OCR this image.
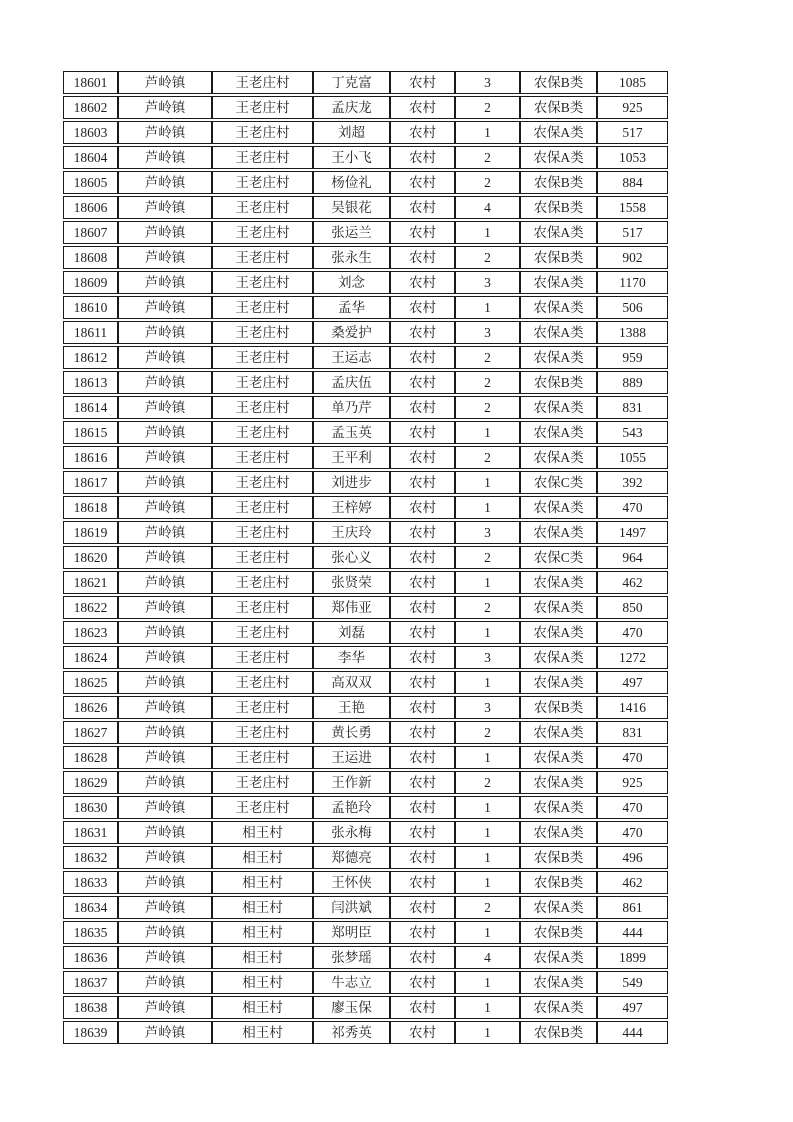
18601	芦岭镇	王老庄村	丁克富	农村	3	农保B类	1085
18602	芦岭镇	王老庄村	孟庆龙	农村	2	农保B类	925
18603	芦岭镇	王老庄村	刘超	农村	1	农保A类	517
18604	芦岭镇	王老庄村	王小飞	农村	2	农保A类	1053
18605	芦岭镇	王老庄村	杨俭礼	农村	2	农保B类	884
18606	芦岭镇	王老庄村	吴银花	农村	4	农保B类	1558
18607	芦岭镇	王老庄村	张运兰	农村	1	农保A类	517
18608	芦岭镇	王老庄村	张永生	农村	2	农保B类	902
18609	芦岭镇	王老庄村	刘念	农村	3	农保A类	1170
18610	芦岭镇	王老庄村	孟华	农村	1	农保A类	506
18611	芦岭镇	王老庄村	桑爱护	农村	3	农保A类	1388
18612	芦岭镇	王老庄村	王运志	农村	2	农保A类	959
18613	芦岭镇	王老庄村	孟庆伍	农村	2	农保B类	889
18614	芦岭镇	王老庄村	单乃芹	农村	2	农保A类	831
18615	芦岭镇	王老庄村	孟玉英	农村	1	农保A类	543
18616	芦岭镇	王老庄村	王平利	农村	2	农保A类	1055
18617	芦岭镇	王老庄村	刘进步	农村	1	农保C类	392
18618	芦岭镇	王老庄村	王梓婷	农村	1	农保A类	470
18619	芦岭镇	王老庄村	王庆玲	农村	3	农保A类	1497
18620	芦岭镇	王老庄村	张心义	农村	2	农保C类	964
18621	芦岭镇	王老庄村	张贤荣	农村	1	农保A类	462
18622	芦岭镇	王老庄村	郑伟亚	农村	2	农保A类	850
18623	芦岭镇	王老庄村	刘磊	农村	1	农保A类	470
18624	芦岭镇	王老庄村	李华	农村	3	农保A类	1272
18625	芦岭镇	王老庄村	高双双	农村	1	农保A类	497
18626	芦岭镇	王老庄村	王艳	农村	3	农保B类	1416
18627	芦岭镇	王老庄村	黄长勇	农村	2	农保A类	831
18628	芦岭镇	王老庄村	王运进	农村	1	农保A类	470
18629	芦岭镇	王老庄村	王作新	农村	2	农保A类	925
18630	芦岭镇	王老庄村	孟艳玲	农村	1	农保A类	470
18631	芦岭镇	相王村	张永梅	农村	1	农保A类	470
18632	芦岭镇	相王村	郑德亮	农村	1	农保B类	496
18633	芦岭镇	相王村	王怀侠	农村	1	农保B类	462
18634	芦岭镇	相王村	闫洪斌	农村	2	农保A类	861
18635	芦岭镇	相王村	郑明臣	农村	1	农保B类	444
18636	芦岭镇	相王村	张梦瑶	农村	4	农保A类	1899
18637	芦岭镇	相王村	牛志立	农村	1	农保A类	549
18638	芦岭镇	相王村	廖玉保	农村	1	农保A类	497
18639	芦岭镇	相王村	祁秀英	农村	1	农保B类	444
